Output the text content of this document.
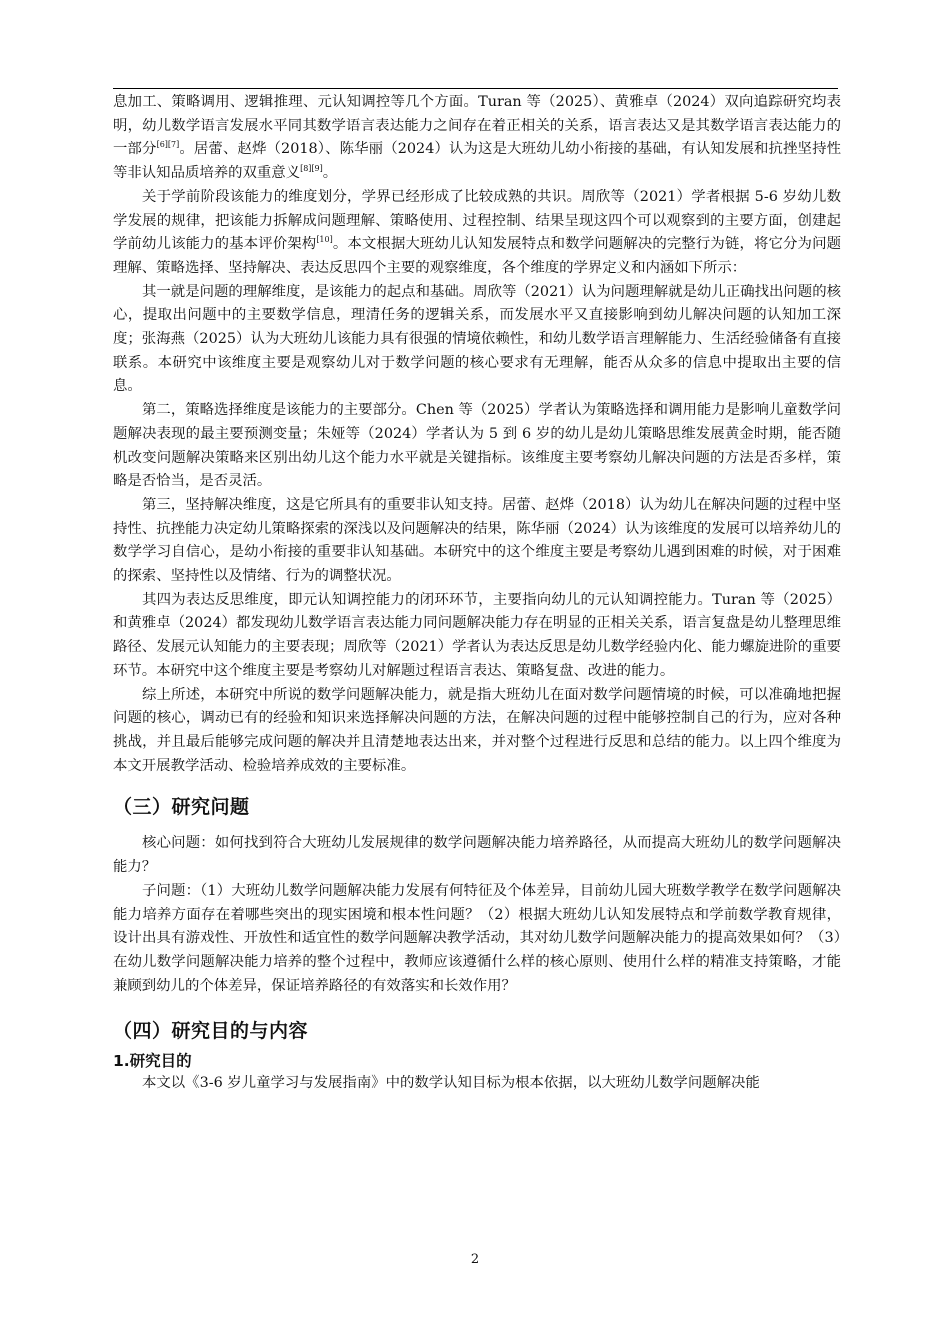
息加工、策略调用、逻辑推理、元认知调控等几个方面。Turan 等（2025）、黄雅卓（2024）双向追踪研究均表明，幼儿数学语言发展水平同其数学语言表达能力之间存在着正相关的关系，语言表达又是其数学语言表达能力的一部分[6][7]。居蕾、赵烨（2018）、陈华丽（2024）认为这是大班幼儿幼小衔接的基础，有认知发展和抗挫坚持性等非认知品质培养的双重意义[8][9]。

关于学前阶段该能力的维度划分，学界已经形成了比较成熟的共识。周欣等（2021）学者根据 5-6 岁幼儿数学发展的规律，把该能力拆解成问题理解、策略使用、过程控制、结果呈现这四个可以观察到的主要方面，创建起学前幼儿该能力的基本评价架构[10]。本文根据大班幼儿认知发展特点和数学问题解决的完整行为链，将它分为问题理解、策略选择、坚持解决、表达反思四个主要的观察维度，各个维度的学界定义和内涵如下所示：

其一就是问题的理解维度，是该能力的起点和基础。周欣等（2021）认为问题理解就是幼儿正确找出问题的核心，提取出问题中的主要数学信息，理清任务的逻辑关系，而发展水平又直接影响到幼儿解决问题的认知加工深度；张海燕（2025）认为大班幼儿该能力具有很强的情境依赖性，和幼儿数学语言理解能力、生活经验储备有直接联系。本研究中该维度主要是观察幼儿对于数学问题的核心要求有无理解，能否从众多的信息中提取出主要的信息。

第二，策略选择维度是该能力的主要部分。Chen 等（2025）学者认为策略选择和调用能力是影响儿童数学问题解决表现的最主要预测变量；朱娅等（2024）学者认为 5 到 6 岁的幼儿是幼儿策略思维发展黄金时期，能否随机改变问题解决策略来区别出幼儿这个能力水平就是关键指标。该维度主要考察幼儿解决问题的方法是否多样，策略是否恰当，是否灵活。

第三，坚持解决维度，这是它所具有的重要非认知支持。居蕾、赵烨（2018）认为幼儿在解决问题的过程中坚持性、抗挫能力决定幼儿策略探索的深浅以及问题解决的结果，陈华丽（2024）认为该维度的发展可以培养幼儿的数学学习自信心，是幼小衔接的重要非认知基础。本研究中的这个维度主要是考察幼儿遇到困难的时候，对于困难的探索、坚持性以及情绪、行为的调整状况。

其四为表达反思维度，即元认知调控能力的闭环环节，主要指向幼儿的元认知调控能力。Turan 等（2025）和黄雅卓（2024）都发现幼儿数学语言表达能力同问题解决能力存在明显的正相关关系，语言复盘是幼儿整理思维路径、发展元认知能力的主要表现；周欣等（2021）学者认为表达反思是幼儿数学经验内化、能力螺旋进阶的重要环节。本研究中这个维度主要是考察幼儿对解题过程语言表达、策略复盘、改进的能力。

综上所述，本研究中所说的数学问题解决能力，就是指大班幼儿在面对数学问题情境的时候，可以准确地把握问题的核心，调动已有的经验和知识来选择解决问题的方法，在解决问题的过程中能够控制自己的行为，应对各种挑战，并且最后能够完成问题的解决并且清楚地表达出来，并对整个过程进行反思和总结的能力。以上四个维度为本文开展教学活动、检验培养成效的主要标准。

（三）研究问题

核心问题：如何找到符合大班幼儿发展规律的数学问题解决能力培养路径，从而提高大班幼儿的数学问题解决能力？

子问题：（1）大班幼儿数学问题解决能力发展有何特征及个体差异，目前幼儿园大班数学教学在数学问题解决能力培养方面存在着哪些突出的现实困境和根本性问题？（2）根据大班幼儿认知发展特点和学前数学教育规律，设计出具有游戏性、开放性和适宜性的数学问题解决教学活动，其对幼儿数学问题解决能力的提高效果如何？（3）在幼儿数学问题解决能力培养的整个过程中，教师应该遵循什么样的核心原则、使用什么样的精准支持策略，才能兼顾到幼儿的个体差异，保证培养路径的有效落实和长效作用？

（四）研究目的与内容
1.研究目的

本文以《3-6 岁儿童学习与发展指南》中的数学认知目标为根本依据，以大班幼儿数学问题解决能

2
